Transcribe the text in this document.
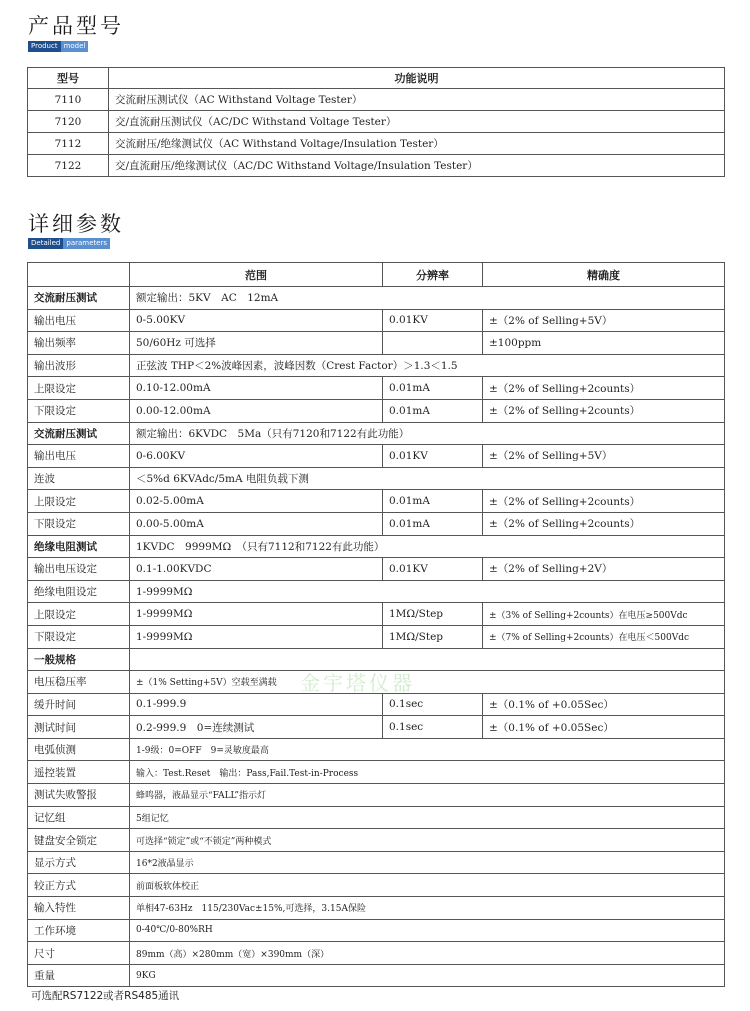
产品型号
Product model
型号	功能说明
7110	交流耐压测试仪（AC Withstand Voltage Tester）
7120	交/直流耐压测试仪（AC/DC Withstand Voltage Tester）
7112	交流耐压/绝缘测试仪（AC Withstand Voltage/Insulation Tester）
7122	交/直流耐压/绝缘测试仪（AC/DC Withstand Voltage/Insulation Tester）
详细参数
Detailed parameters
	范围	分辨率	精确度
交流耐压测试	额定输出：5KV　AC　12mA		
输出电压	0-5.00KV	0.01KV	±（2% of Selling+5V）
输出频率	50/60Hz 可选择		±100ppm
输出波形	正弦波 THP＜2%波峰因素，波峰因数（Crest Factor）＞1.3＜1.5		
上限设定	0.10-12.00mA	0.01mA	±（2% of Selling+2counts）
下限设定	0.00-12.00mA	0.01mA	±（2% of Selling+2counts）
交流耐压测试	额定输出：6KVDC　5Ma（只有7120和7122有此功能）		
输出电压	0-6.00KV	0.01KV	±（2% of Selling+5V）
连波	＜5%d 6KVAdc/5mA 电阻负载下测		
上限设定	0.02-5.00mA	0.01mA	±（2% of Selling+2counts）
下限设定	0.00-5.00mA	0.01mA	±（2% of Selling+2counts）
绝缘电阻测试	1KVDC　9999MΩ　（只有7112和7122有此功能）		
输出电压设定	0.1-1.00KVDC	0.01KV	±（2% of Selling+2V）
绝缘电阻设定	1-9999MΩ		
上限设定	1-9999MΩ	1MΩ/Step	±（3% of Selling+2counts）在电压≥500Vdc
下限设定	1-9999MΩ	1MΩ/Step	±（7% of Selling+2counts）在电压＜500Vdc
一般规格			
电压稳压率	±（1% Setting+5V）空载至满载		
缓升时间	0.1-999.9	0.1sec	±（0.1% of +0.05Sec）
测试时间	0.2-999.9　0=连续测试	0.1sec	±（0.1% of +0.05Sec）
电弧侦测	1-9级：0=OFF　9=灵敏度最高		
遥控装置	输入：Test.Reset　输出：Pass,Fail.Test-in-Process		
测试失败警报	蜂鸣器，液晶显示“FALL”指示灯		
记忆组	5组记忆		
键盘安全锁定	可选择“锁定”或“不锁定”两种模式		
显示方式	16*2液晶显示		
较正方式	前面板软体校正		
输入特性	单相47-63Hz　115/230Vac±15%,可选择，3.15A保险		
工作环境	0-40℃/0-80%RH		
尺寸	89mm（高）×280mm（宽）×390mm（深）		
重量	9KG		
金宇塔仪器
可选配RS7122或者RS485通讯
